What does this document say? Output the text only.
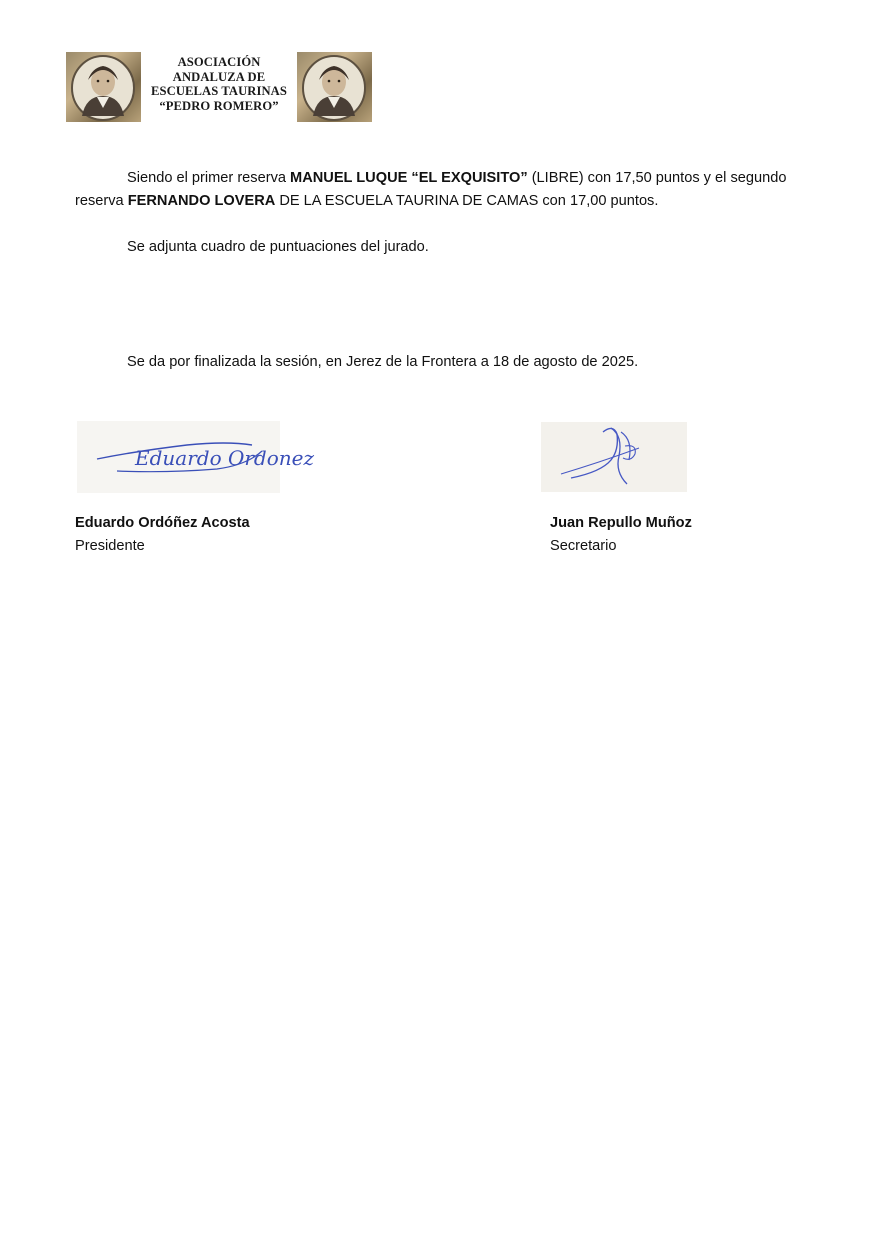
ASOCIACIÓN
ANDALUZA DE
ESCUELAS TAURINAS
“PEDRO ROMERO”
Siendo el primer reserva MANUEL LUQUE “EL EXQUISITO” (LIBRE) con 17,50 puntos y el segundo reserva FERNANDO LOVERA DE LA ESCUELA TAURINA DE CAMAS con 17,00 puntos.
Se adjunta cuadro de puntuaciones del jurado.
Se da por finalizada la sesión, en Jerez de la Frontera a 18 de agosto de 2025.
Eduardo Ordonez
Eduardo Ordóñez Acosta
Presidente
Juan Repullo Muñoz
Secretario
